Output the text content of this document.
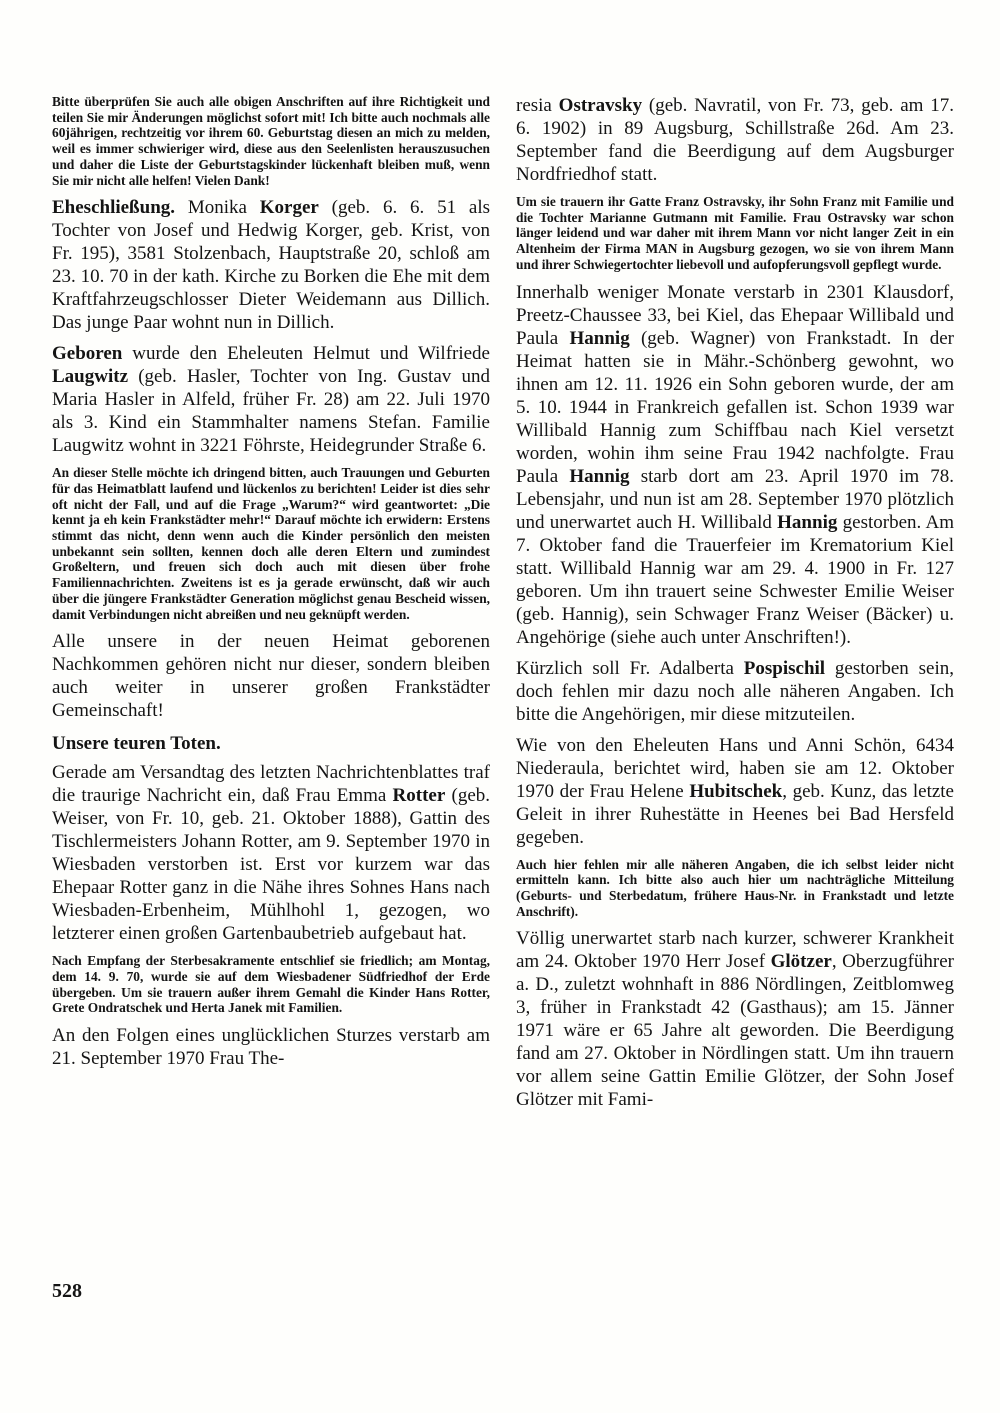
Bitte überprüfen Sie auch alle obigen Anschriften auf ihre Richtigkeit und teilen Sie mir Änderungen möglichst sofort mit! Ich bitte auch nochmals alle 60jährigen, rechtzeitig vor ihrem 60. Geburtstag diesen an mich zu melden, weil es immer schwieriger wird, diese aus den Seelenlisten herauszusuchen und daher die Liste der Geburtstagskinder lückenhaft bleiben muß, wenn Sie mir nicht alle helfen! Vielen Dank!

Eheschließung. Monika Korger (geb. 6. 6. 51 als Tochter von Josef und Hedwig Korger, geb. Krist, von Fr. 195), 3581 Stolzenbach, Hauptstraße 20, schloß am 23. 10. 70 in der kath. Kirche zu Borken die Ehe mit dem Kraftfahrzeugschlosser Dieter Weidemann aus Dillich. Das junge Paar wohnt nun in Dillich.

Geboren wurde den Eheleuten Helmut und Wilfriede Laugwitz (geb. Hasler, Tochter von Ing. Gustav und Maria Hasler in Alfeld, früher Fr. 28) am 22. Juli 1970 als 3. Kind ein Stammhalter namens Stefan. Familie Laugwitz wohnt in 3221 Föhrste, Heidegrunder Straße 6.

An dieser Stelle möchte ich dringend bitten, auch Trauungen und Geburten für das Heimatblatt laufend und lückenlos zu berichten! Leider ist dies sehr oft nicht der Fall, und auf die Frage „Warum?“ wird geantwortet: „Die kennt ja eh kein Frankstädter mehr!“ Darauf möchte ich erwidern: Erstens stimmt das nicht, denn wenn auch die Kinder persönlich den meisten unbekannt sein sollten, kennen doch alle deren Eltern und zumindest Großeltern, und freuen sich doch auch mit diesen über frohe Familiennachrichten. Zweitens ist es ja gerade erwünscht, daß wir auch über die jüngere Frankstädter Generation möglichst genau Bescheid wissen, damit Verbindungen nicht abreißen und neu geknüpft werden.

Alle unsere in der neuen Heimat geborenen Nachkommen gehören nicht nur dieser, sondern bleiben auch weiter in unserer großen Frankstädter Gemeinschaft!

Unsere teuren Toten.

Gerade am Versandtag des letzten Nachrichtenblattes traf die traurige Nachricht ein, daß Frau Emma Rotter (geb. Weiser, von Fr. 10, geb. 21. Oktober 1888), Gattin des Tischlermeisters Johann Rotter, am 9. September 1970 in Wiesbaden verstorben ist. Erst vor kurzem war das Ehepaar Rotter ganz in die Nähe ihres Sohnes Hans nach Wiesbaden-Erbenheim, Mühlhohl 1, gezogen, wo letzterer einen großen Gartenbaubetrieb aufgebaut hat.

Nach Empfang der Sterbesakramente entschlief sie friedlich; am Montag, dem 14. 9. 70, wurde sie auf dem Wiesbadener Südfriedhof der Erde übergeben. Um sie trauern außer ihrem Gemahl die Kinder Hans Rotter, Grete Ondratschek und Herta Janek mit Familien.

An den Folgen eines unglücklichen Sturzes verstarb am 21. September 1970 Frau The-

resia Ostravsky (geb. Navratil, von Fr. 73, geb. am 17. 6. 1902) in 89 Augsburg, Schillstraße 26d. Am 23. September fand die Beerdigung auf dem Augsburger Nordfriedhof statt.

Um sie trauern ihr Gatte Franz Ostravsky, ihr Sohn Franz mit Familie und die Tochter Marianne Gutmann mit Familie. Frau Ostravsky war schon länger leidend und war daher mit ihrem Mann vor nicht langer Zeit in ein Altenheim der Firma MAN in Augsburg gezogen, wo sie von ihrem Mann und ihrer Schwiegertochter liebevoll und aufopferungsvoll gepflegt wurde.

Innerhalb weniger Monate verstarb in 2301 Klausdorf, Preetz-Chaussee 33, bei Kiel, das Ehepaar Willibald und Paula Hannig (geb. Wagner) von Frankstadt. In der Heimat hatten sie in Mähr.-Schönberg gewohnt, wo ihnen am 12. 11. 1926 ein Sohn geboren wurde, der am 5. 10. 1944 in Frankreich gefallen ist. Schon 1939 war Willibald Hannig zum Schiffbau nach Kiel versetzt worden, wohin ihm seine Frau 1942 nachfolgte. Frau Paula Hannig starb dort am 23. April 1970 im 78. Lebensjahr, und nun ist am 28. September 1970 plötzlich und unerwartet auch H. Willibald Hannig gestorben. Am 7. Oktober fand die Trauerfeier im Krematorium Kiel statt. Willibald Hannig war am 29. 4. 1900 in Fr. 127 geboren. Um ihn trauert seine Schwester Emilie Weiser (geb. Hannig), sein Schwager Franz Weiser (Bäcker) u. Angehörige (siehe auch unter Anschriften!).

Kürzlich soll Fr. Adalberta Pospischil gestorben sein, doch fehlen mir dazu noch alle näheren Angaben. Ich bitte die Angehörigen, mir diese mitzuteilen.

Wie von den Eheleuten Hans und Anni Schön, 6434 Niederaula, berichtet wird, haben sie am 12. Oktober 1970 der Frau Helene Hubitschek, geb. Kunz, das letzte Geleit in ihrer Ruhestätte in Heenes bei Bad Hersfeld gegeben.

Auch hier fehlen mir alle näheren Angaben, die ich selbst leider nicht ermitteln kann. Ich bitte also auch hier um nachträgliche Mitteilung (Geburts- und Sterbedatum, frühere Haus-Nr. in Frankstadt und letzte Anschrift).

Völlig unerwartet starb nach kurzer, schwerer Krankheit am 24. Oktober 1970 Herr Josef Glötzer, Oberzugführer a. D., zuletzt wohnhaft in 886 Nördlingen, Zeitblomweg 3, früher in Frankstadt 42 (Gasthaus); am 15. Jänner 1971 wäre er 65 Jahre alt geworden. Die Beerdigung fand am 27. Oktober in Nördlingen statt. Um ihn trauern vor allem seine Gattin Emilie Glötzer, der Sohn Josef Glötzer mit Fami-

528
